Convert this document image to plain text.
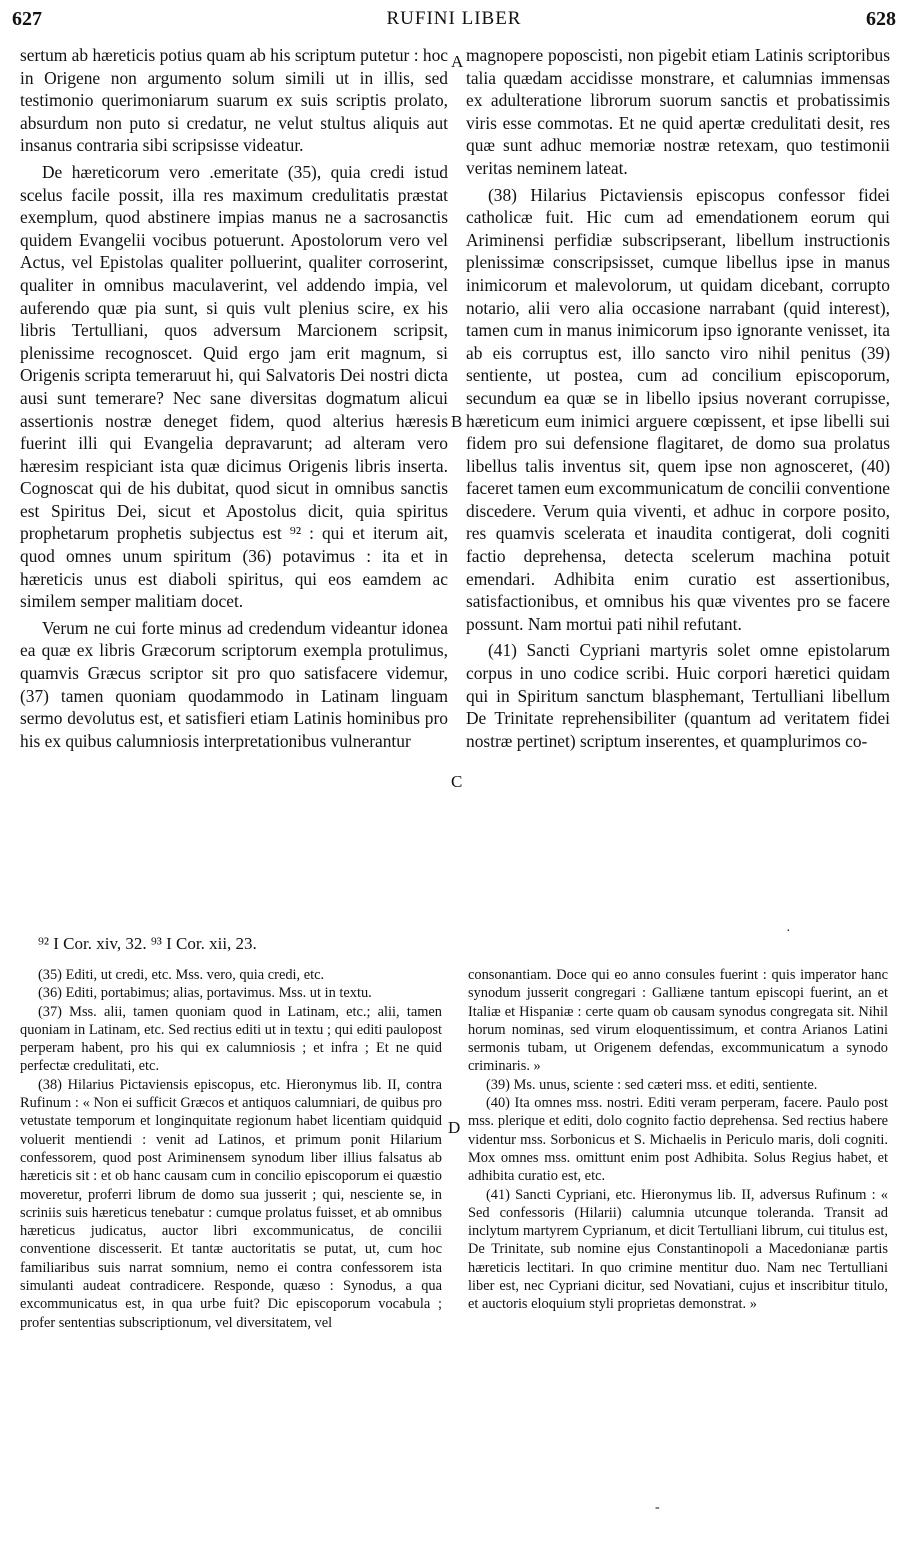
627	RUFINI LIBER	628

sertum ab hæreticis potius quam ab his scriptum putetur : hoc in Origene non argumento solum simili ut in illis, sed testimonio querimoniarum suarum ex suis scriptis prolato, absurdum non puto si credatur, ne velut stultus aliquis aut insanus contraria sibi scripsisse videatur.

De hæreticorum vero .emeritate (35), quia credi istud scelus facile possit, illa res maximum credulitatis præstat exemplum, quod abstinere impias manus ne a sacrosanctis quidem Evangelii vocibus potuerunt. Apostolorum vero vel Actus, vel Epistolas qualiter polluerint, qualiter corroserint, qualiter in omnibus maculaverint, vel addendo impia, vel auferendo quæ pia sunt, si quis vult plenius scire, ex his libris Tertulliani, quos adversum Marcionem scripsit, plenissime recognoscet. Quid ergo jam erit magnum, si Origenis scripta temeraruut hi, qui Salvatoris Dei nostri dicta ausi sunt temerare? Nec sane diversitas dogmatum alicui assertionis nostræ deneget fidem, quod alterius hæresis fuerint illi qui Evangelia depravarunt; ad alteram vero hæresim respiciant ista quæ dicimus Origenis libris inserta. Cognoscat qui de his dubitat, quod sicut in omnibus sanctis est Spiritus Dei, sicut et Apostolus dicit, quia spiritus prophetarum prophetis subjectus est ⁹² : qui et iterum ait, quod omnes unum spiritum (36) potavimus : ita et in hæreticis unus est diaboli spiritus, qui eos eamdem ac similem semper malitiam docet.

Verum ne cui forte minus ad credendum videantur idonea ea quæ ex libris Græcorum scriptorum exempla protulimus, quamvis Græcus scriptor sit pro quo satisfacere videmur, (37) tamen quoniam quodammodo in Latinam linguam sermo devolutus est, et satisfieri etiam Latinis hominibus pro his ex quibus calumniosis interpretationibus vulnerantur

A
B
C

magnopere poposcisti, non pigebit etiam Latinis scriptoribus talia quædam accidisse monstrare, et calumnias immensas ex adulteratione librorum suorum sanctis et probatissimis viris esse commotas. Et ne quid apertæ credulitati desit, res quæ sunt adhuc memoriæ nostræ retexam, quo testimonii veritas neminem lateat.

(38) Hilarius Pictaviensis episcopus confessor fidei catholicæ fuit. Hic cum ad emendationem eorum qui Ariminensi perfidiæ subscripserant, libellum instructionis plenissimæ conscripsisset, cumque libellus ipse in manus inimicorum et malevolorum, ut quidam dicebant, corrupto notario, alii vero alia occasione narrabant (quid interest), tamen cum in manus inimicorum ipso ignorante venisset, ita ab eis corruptus est, illo sancto viro nihil penitus (39) sentiente, ut postea, cum ad concilium episcoporum, secundum ea quæ se in libello ipsius noverant corrupisse, hæreticum eum inimici arguere cœpissent, et ipse libelli sui fidem pro sui defensione flagitaret, de domo sua prolatus libellus talis inventus sit, quem ipse non agnosceret, (40) faceret tamen eum excommunicatum de concilii conventione discedere. Verum quia viventi, et adhuc in corpore posito, res quamvis scelerata et inaudita contigerat, doli cogniti factio deprehensa, detecta scelerum machina potuit emendari. Adhibita enim curatio est assertionibus, satisfactionibus, et omnibus his quæ viventes pro se facere possunt. Nam mortui pati nihil refutant.

(41) Sancti Cypriani martyris solet omne epistolarum corpus in uno codice scribi. Huic corpori hæretici quidam qui in Spiritum sanctum blasphemant, Tertulliani libellum De Trinitate reprehensibiliter (quantum ad veritatem fidei nostræ pertinet) scriptum inserentes, et quamplurimos co-

·
⁹² I Cor. xiv, 32. ⁹³ I Cor. xii, 23.

(35) Editi, ut credi, etc. Mss. vero, quia credi, etc.

(36) Editi, portabimus; alias, portavimus. Mss. ut in textu.

(37) Mss. alii, tamen quoniam quod in Latinam, etc.; alii, tamen quoniam in Latinam, etc. Sed rectius editi ut in textu ; qui editi paulopost perperam habent, pro his qui ex calumniosis ; et infra ; Et ne quid perfectæ credulitati, etc.

(38) Hilarius Pictaviensis episcopus, etc. Hieronymus lib. II, contra Rufinum : « Non ei sufficit Græcos et antiquos calumniari, de quibus pro vetustate temporum et longinquitate regionum habet licentiam quidquid voluerit mentiendi : venit ad Latinos, et primum ponit Hilarium confessorem, quod post Ariminensem synodum liber illius falsatus ab hæreticis sit : et ob hanc causam cum in concilio episcoporum ei quæstio moveretur, proferri librum de domo sua jusserit ; qui, nesciente se, in scriniis suis hæreticus tenebatur : cumque prolatus fuisset, et ab omnibus hæreticus judicatus, auctor libri excommunicatus, de concilii conventione discesserit. Et tantæ auctoritatis se putat, ut, cum hoc familiaribus suis narrat somnium, nemo ei contra confessorem ista simulanti audeat contradicere. Responde, quæso : Synodus, a qua excommunicatus est, in qua urbe fuit? Dic episcoporum vocabula ; profer sententias subscriptionum, vel diversitatem, vel

D

consonantiam. Doce qui eo anno consules fuerint : quis imperator hanc synodum jusserit congregari : Galliæne tantum episcopi fuerint, an et Italiæ et Hispaniæ : certe quam ob causam synodus congregata sit. Nihil horum nominas, sed virum eloquentissimum, et contra Arianos Latini sermonis tubam, ut Origenem defendas, excommunicatum a synodo criminaris. »

(39) Ms. unus, sciente : sed cæteri mss. et editi, sentiente.

(40) Ita omnes mss. nostri. Editi veram perperam, facere. Paulo post mss. plerique et editi, dolo cognito factio deprehensa. Sed rectius habere videntur mss. Sorbonicus et S. Michaelis in Periculo maris, doli cogniti. Mox omnes mss. omittunt enim post Adhibita. Solus Regius habet, et adhibita curatio est, etc.

(41) Sancti Cypriani, etc. Hieronymus lib. II, adversus Rufinum : « Sed confessoris (Hilarii) calumnia utcunque toleranda. Transit ad inclytum martyrem Cyprianum, et dicit Tertulliani librum, cui titulus est, De Trinitate, sub nomine ejus Constantinopoli a Macedonianæ partis hæreticis lectitari. In quo crimine mentitur duo. Nam nec Tertulliani liber est, nec Cypriani dicitur, sed Novatiani, cujus et inscribitur titulo, et auctoris eloquium styli proprietas demonstrat. »

-
